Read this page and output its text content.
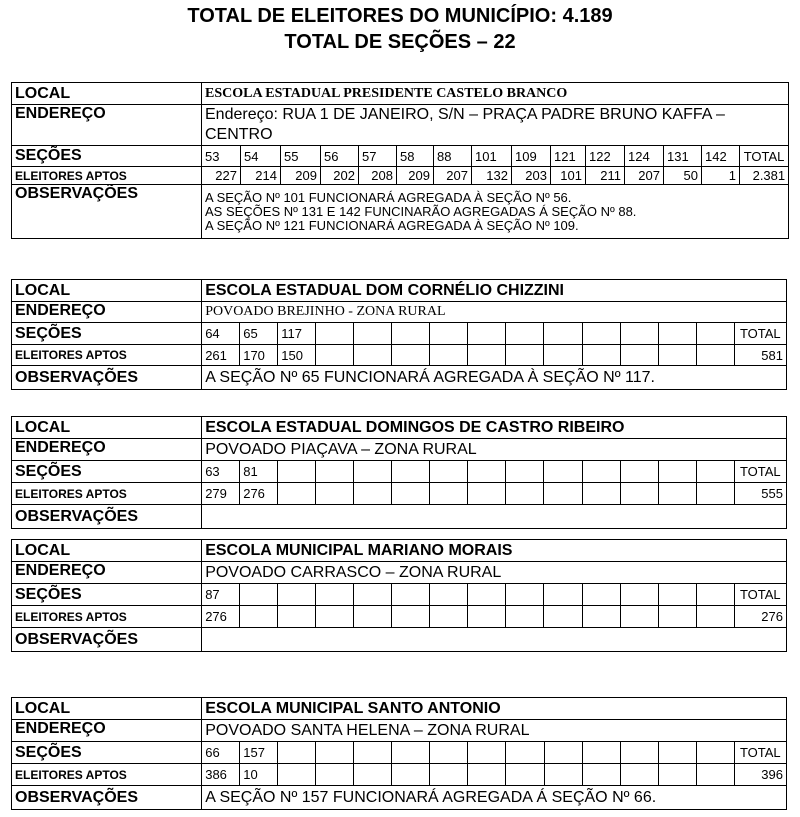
TOTAL DE ELEITORES DO MUNICÍPIO: 4.189
TOTAL DE SEÇÕES – 22
LOCAL	ESCOLA ESTADUAL PRESIDENTE CASTELO BRANCO														
ENDEREÇO	Endereço: RUA 1 DE JANEIRO, S/N – PRAÇA PADRE BRUNO KAFFA – CENTRO														
SEÇÕES	53	54	55	56	57	58	88	101	109	121	122	124	131	142	TOTAL
ELEITORES APTOS	227	214	209	202	208	209	207	132	203	101	211	207	50	1	2.381
OBSERVAÇÕES	A SEÇÃO Nº 101 FUNCIONARÁ AGREGADA À SEÇÃO Nº 56.
AS SEÇÕES Nº 131 E 142 FUNCINARÃO AGREGADAS Á SEÇÃO Nº 88.
A SEÇÃO Nº 121 FUNCIONARÁ AGREGADA À SEÇÃO Nº 109.														
LOCAL	ESCOLA ESTADUAL DOM CORNÉLIO CHIZZINI														
ENDEREÇO	POVOADO BREJINHO - ZONA RURAL														
SEÇÕES	64	65	117												TOTAL
ELEITORES APTOS	261	170	150												581
OBSERVAÇÕES	A SEÇÃO Nº 65 FUNCIONARÁ AGREGADA À SEÇÃO Nº 117.														
LOCAL	ESCOLA ESTADUAL DOMINGOS DE CASTRO RIBEIRO														
ENDEREÇO	POVOADO PIAÇAVA – ZONA RURAL														
SEÇÕES	63	81													TOTAL
ELEITORES APTOS	279	276													555
OBSERVAÇÕES															
LOCAL	ESCOLA MUNICIPAL MARIANO MORAIS														
ENDEREÇO	POVOADO CARRASCO – ZONA RURAL														
SEÇÕES	87														TOTAL
ELEITORES APTOS	276														276
OBSERVAÇÕES															
LOCAL	ESCOLA MUNICIPAL SANTO ANTONIO														
ENDEREÇO	POVOADO SANTA HELENA – ZONA RURAL														
SEÇÕES	66	157													TOTAL
ELEITORES APTOS	386	10													396
OBSERVAÇÕES	A SEÇÃO Nº 157 FUNCIONARÁ AGREGADA Á SEÇÃO Nº 66.														
